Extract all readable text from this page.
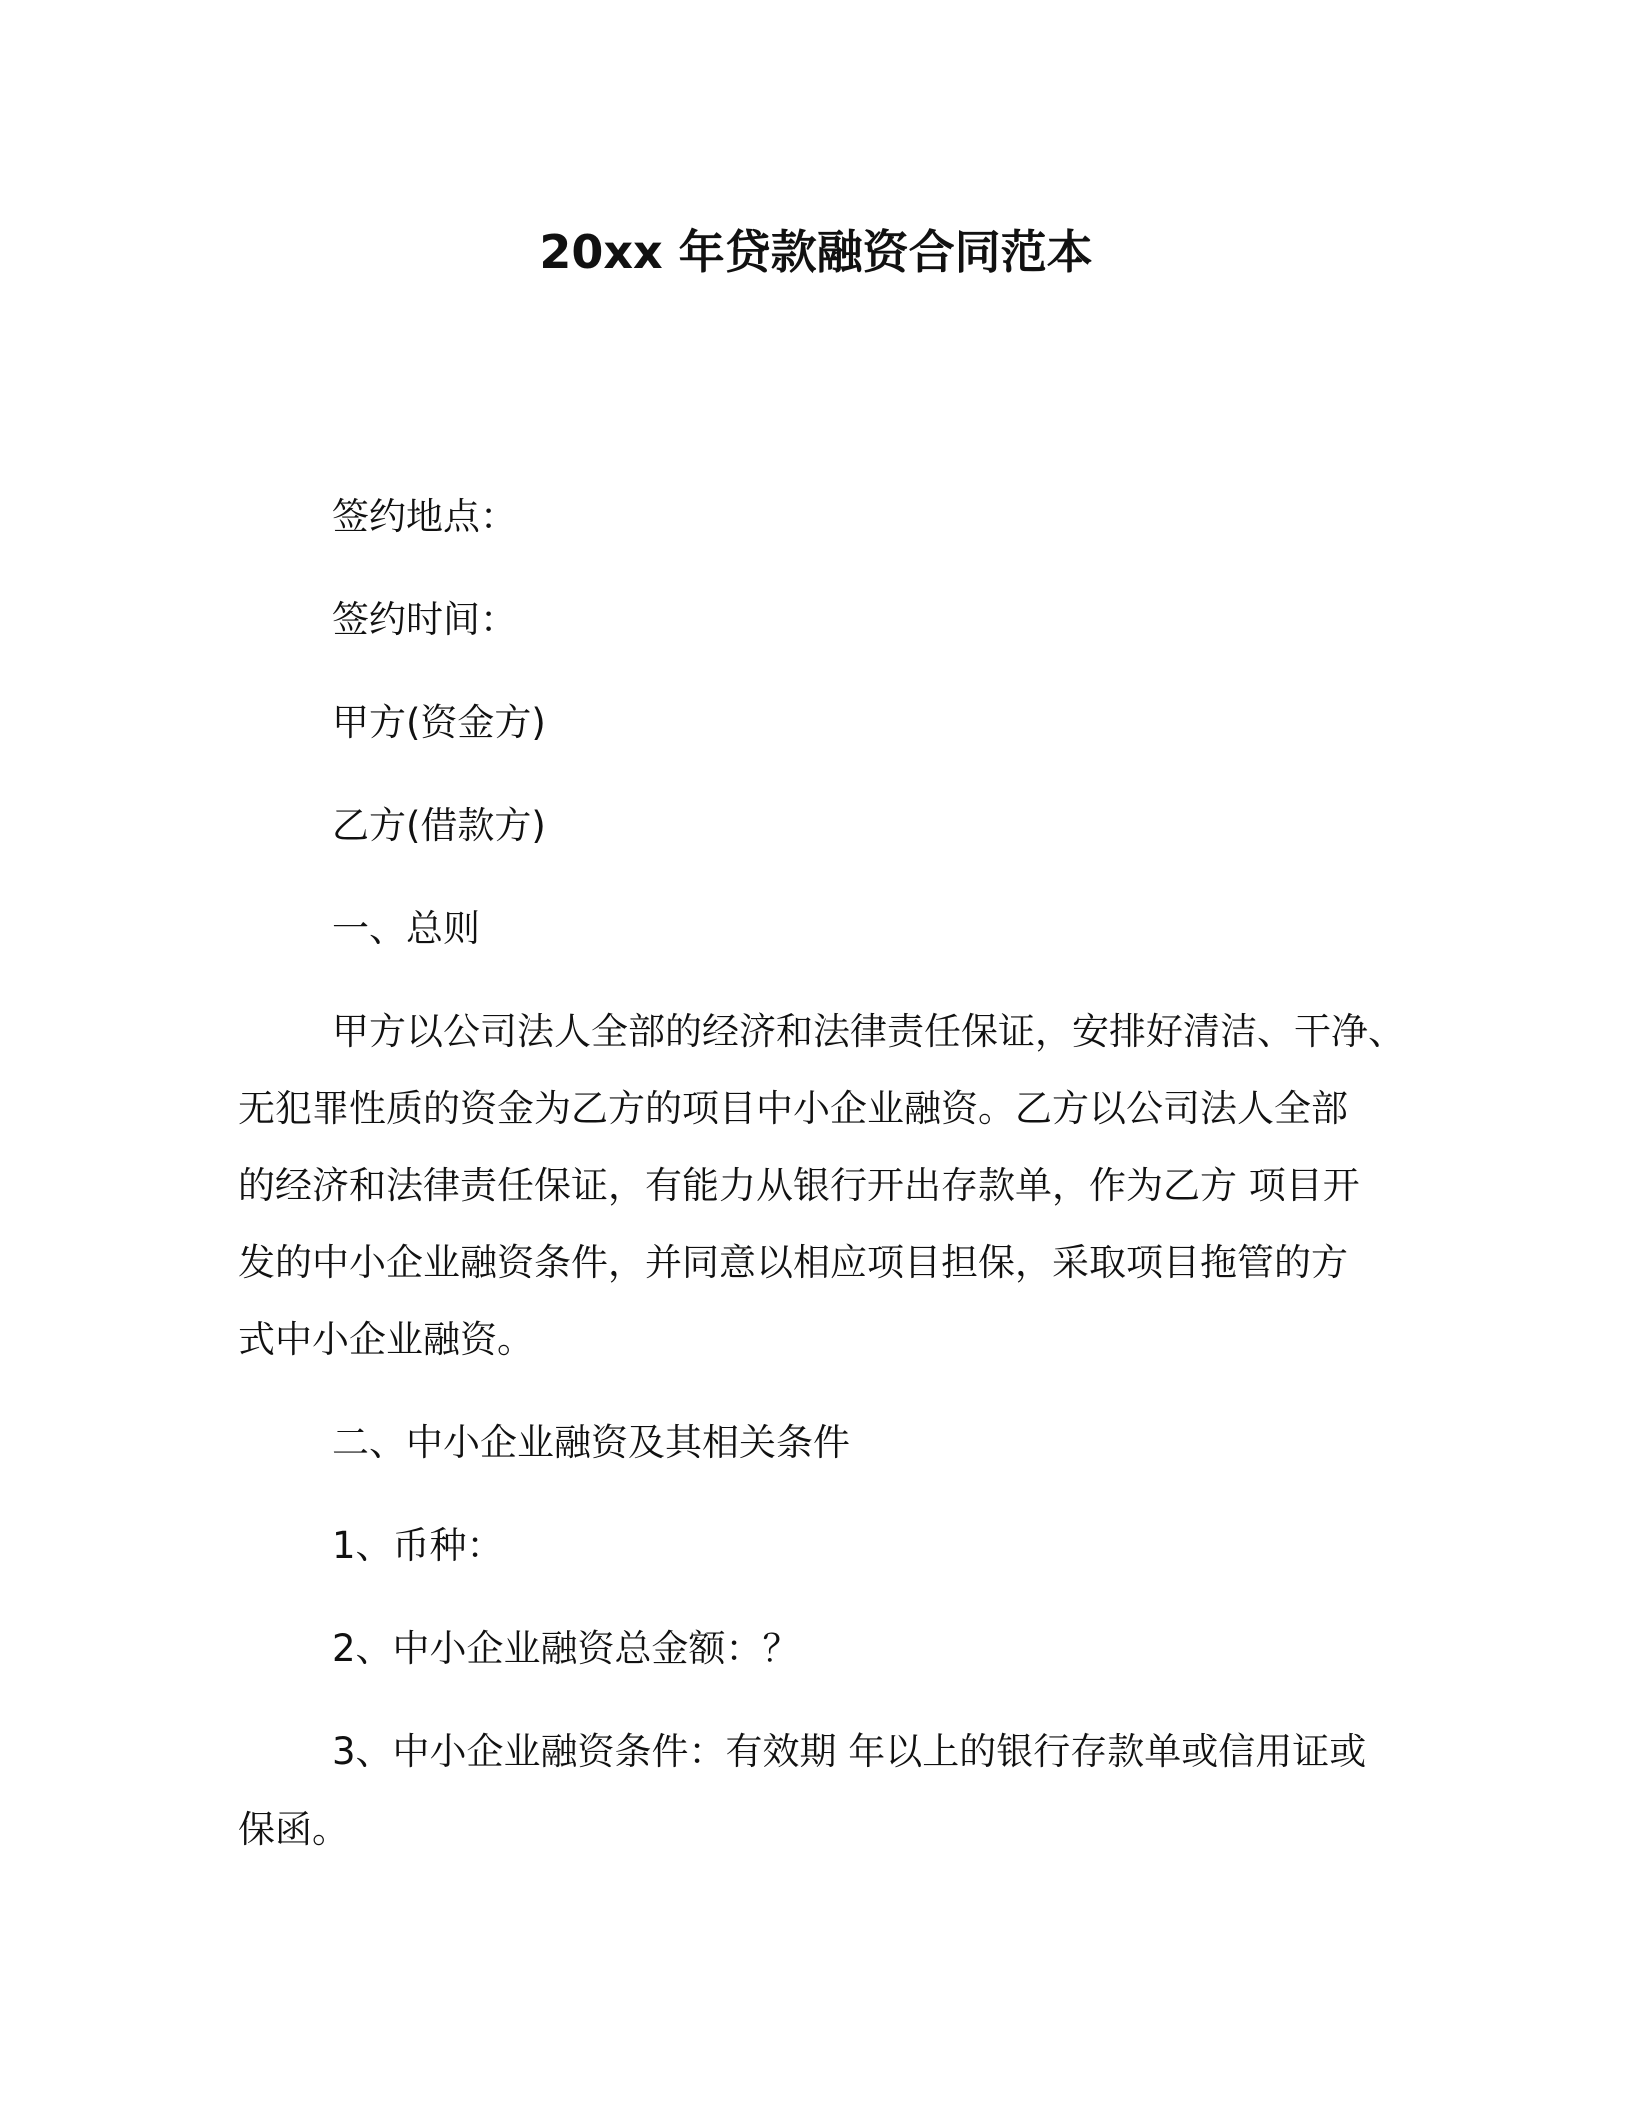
20xx 年贷款融资合同范本
签约地点：
签约时间：
甲方(资金方)
乙方(借款方)
一、总则
甲方以公司法人全部的经济和法律责任保证，安排好清洁、干净、
无犯罪性质的资金为乙方的项目中小企业融资。乙方以公司法人全部
的经济和法律责任保证，有能力从银行开出存款单，作为乙方 项目开
发的中小企业融资条件，并同意以相应项目担保，采取项目拖管的方
式中小企业融资。
二、中小企业融资及其相关条件
1、币种：
2、中小企业融资总金额：？
3、中小企业融资条件：有效期 年以上的银行存款单或信用证或
保函。
